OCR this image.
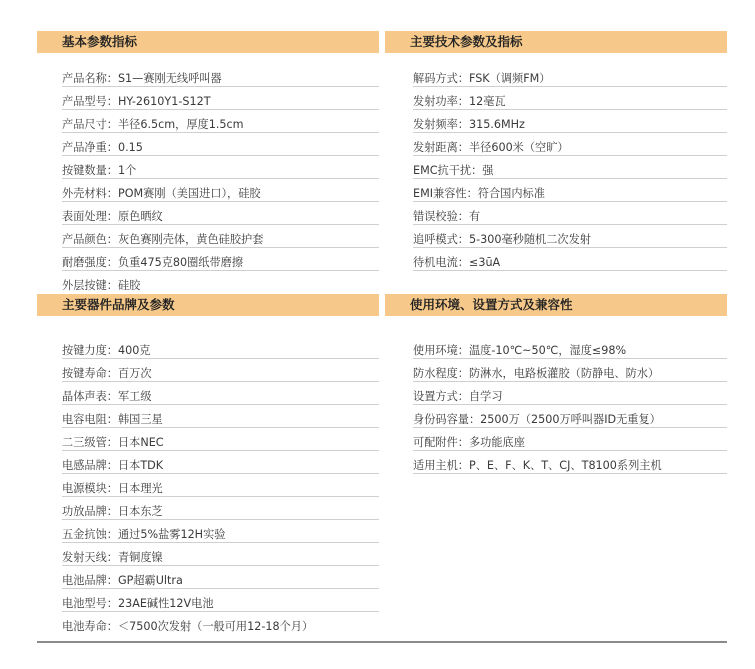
基本参数指标	主要技术参数及指标
主要器件品牌及参数	使用环境、设置方式及兼容性
产品名称：S1—赛刚无线呼叫器
产品型号：HY-2610Y1-S12T
产品尺寸：半径6.5cm，厚度1.5cm
产品净重：0.15
按键数量：1个
外壳材料：POM赛刚（美国进口），硅胶
表面处理：原色晒纹
产品颜色：灰色赛刚壳体，黄色硅胶护套
耐磨强度：负重475克80圈纸带磨擦
外层按键：硅胶
解码方式：FSK（调频FM）
发射功率：12毫瓦
发射频率：315.6MHz
发射距离：半径600米（空旷）
EMC抗干扰：强
EMI兼容性：符合国内标准
错误校验：有
追呼模式：5-300毫秒随机二次发射
待机电流：≤3ūA
按键力度：400克
按键寿命：百万次
晶体声表：军工级
电容电阻：韩国三星
二三级管：日本NEC
电感品牌：日本TDK
电源模块：日本理光
功放品牌：日本东芝
五金抗蚀：通过5%盐雾12H实验
发射天线：青铜度镍
电池品牌：GP超霸Ultra
电池型号：23AE碱性12V电池
电池寿命：＜7500次发射（一般可用12-18个月）
使用环境：温度-10℃~50℃，湿度≤98%
防水程度：防淋水，电路板灌胶（防静电、防水）
设置方式：自学习
身份码容量：2500万（2500万呼叫器ID无重复）
可配附件：多功能底座
适用主机：P、E、F、K、T、CJ、T8100系列主机
